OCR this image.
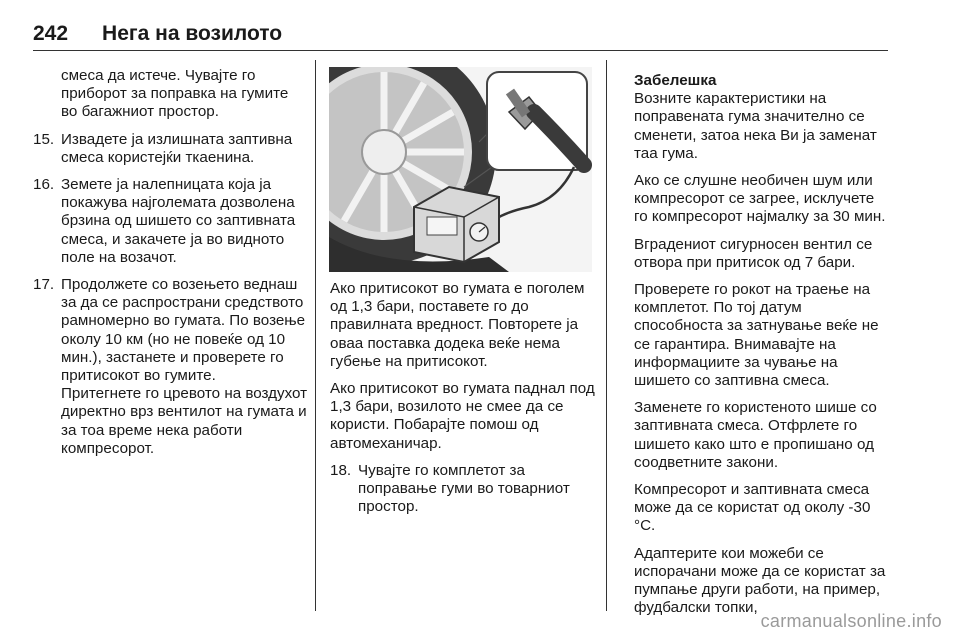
242 Нега на возилото
смеса да истече. Чувајте го приборот за поправка на гумите во багажниот простор.
15. Извадете ја излишната заптивна смеса користејќи ткаенина.
16. Земете ја налепницата која ја покажува најголемата дозволена брзина од шишето со заптивната смеса, и закачете ја во видното поле на возачот.
17. Продолжете со возењето веднаш за да се распространи средството рамномерно во гумата. По возење околу 10 км (но не повеќе од 10 мин.), застанете и проверете го притисокот во гумите.
Притегнете го цревото на воздухот директно врз вентилот на гумата и за тоа време нека работи компресорот.

Ако притисокот во гумата е поголем од 1,3 бари, поставете го до правилната вредност. Повторете ја оваа поставка додека веќе нема губење на притисокот.

Ако притисокот во гумата паднал под 1,3 бари, возилото не смее да се користи. Побарајте помош од автомеханичар.

18. Чувајте го комплетот за поправање гуми во товарниот простор.
Забелешка

Возните карактеристики на поправената гума значително се сменети, затоа нека Ви ја заменат таа гума.

Ако се слушне необичен шум или компресорот се загрее, исклучете го компресорот најмалку за 30 мин.

Вградениот сигурносен вентил се отвора при притисок од 7 бари.

Проверете го рокот на траење на комплетот. По тој датум способноста за затнување веќе не се гарантира. Внимавајте на информациите за чување на шишето со заптивна смеса.

Заменете го користеното шише со заптивната смеса. Отфрлете го шишето како што е пропишано од соодветните закони.

Компресорот и заптивната смеса може да се користат од околу -30 °C.

Адаптерите кои можеби се испорачани може да се користат за пумпање други работи, на пример, фудбалски топки,

carmanualsonline.info
